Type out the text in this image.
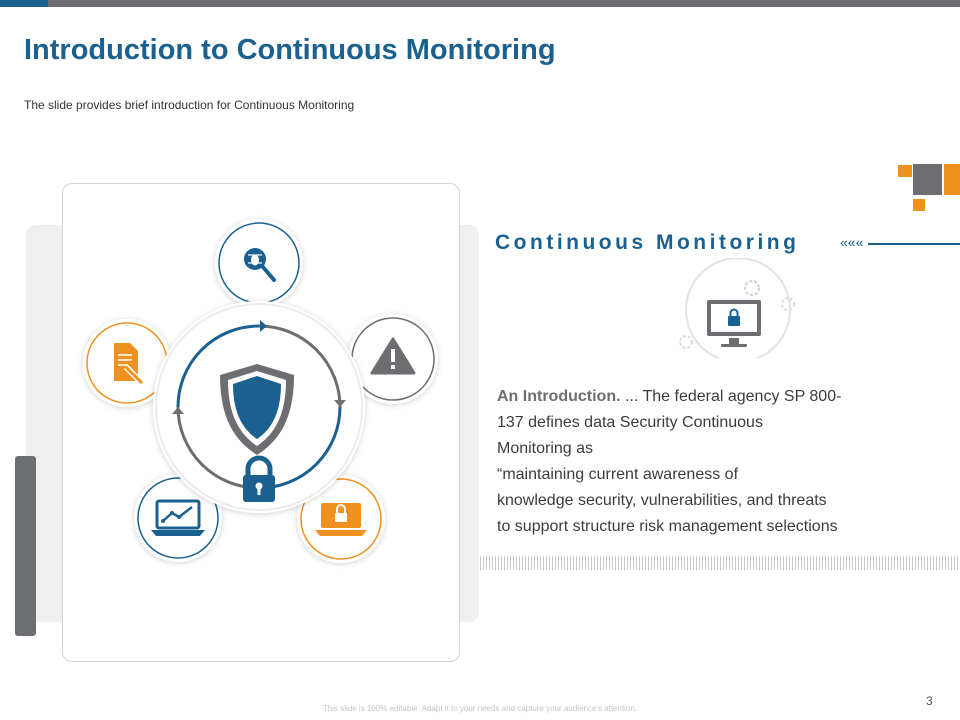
Introduction to Continuous Monitoring
The slide provides brief introduction for Continuous Monitoring
Continuous Monitoring	«««
An Introduction. ... The federal agency SP 800-
137 defines data Security Continuous
Monitoring as
“maintaining current awareness of
knowledge security, vulnerabilities, and threats
to support structure risk management selections
This slide is 100% editable. Adapt it to your needs and capture your audience's attention.
3
